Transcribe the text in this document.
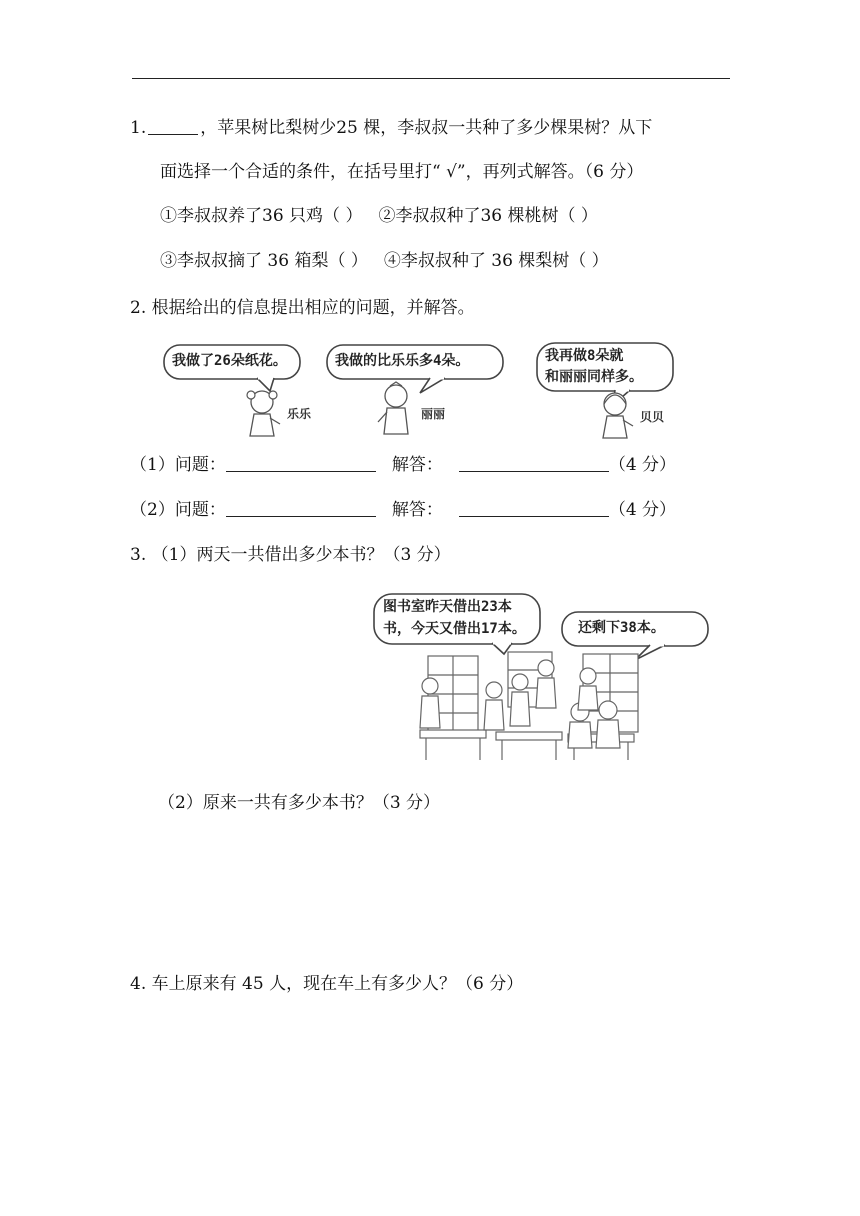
1.	，苹果树比梨树少25 棵，李叔叔一共种了多少棵果树？从下
面选择一个合适的条件，在括号里打“ √”，再列式解答。（6 分）
①李叔叔养了36 只鸡（ ） ②李叔叔种了36 棵桃树（ ）
③李叔叔摘了 36 箱梨（ ） ④李叔叔种了 36 棵梨树（ ）
2. 根据给出的信息提出相应的问题，并解答。
我做了26朵纸花。	我做的比乐乐多4朵。	我再做8朵就
和丽丽同样多。
乐乐	丽丽	贝贝
（1）问题：	解答：	（4 分）
（2）问题：	解答：	（4 分）
3. （1）两天一共借出多少本书？（3 分）
图书室昨天借出23本
书，今天又借出17本。	还剩下38本。
（2）原来一共有多少本书？（3 分）
4. 车上原来有 45 人，现在车上有多少人？（6 分）
